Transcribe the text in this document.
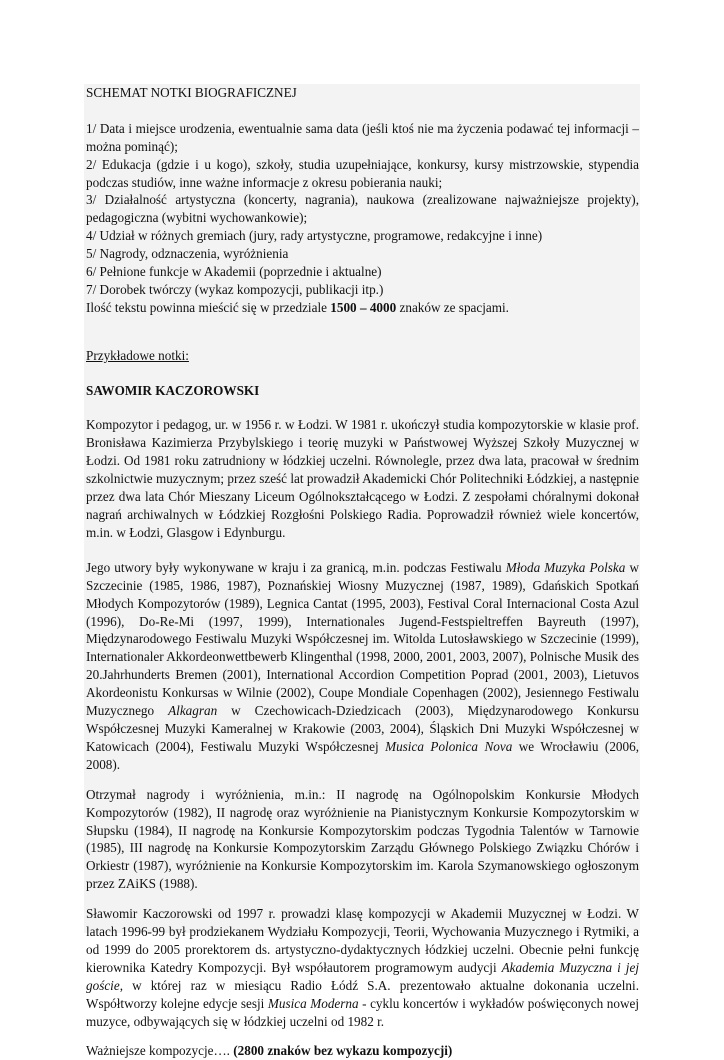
SCHEMAT NOTKI BIOGRAFICZNEJ

1/ Data i miejsce urodzenia, ewentualnie sama data (jeśli ktoś nie ma życzenia podawać tej informacji – można pominąć);

2/ Edukacja (gdzie i u kogo), szkoły, studia uzupełniające, konkursy, kursy mistrzowskie, stypendia podczas studiów, inne ważne informacje z okresu pobierania nauki;

3/ Działalność artystyczna (koncerty, nagrania), naukowa (zrealizowane najważniejsze projekty), pedagogiczna (wybitni wychowankowie);

4/ Udział w różnych gremiach (jury, rady artystyczne, programowe, redakcyjne i inne)

5/ Nagrody, odznaczenia, wyróżnienia

6/ Pełnione funkcje w Akademii (poprzednie i aktualne)

7/ Dorobek twórczy (wykaz kompozycji, publikacji itp.)

Ilość tekstu powinna mieścić się w przedziale 1500 – 4000 znaków ze spacjami.

Przykładowe notki:

SAWOMIR KACZOROWSKI

Kompozytor i pedagog, ur. w 1956 r. w Łodzi. W 1981 r. ukończył studia kompozytorskie w klasie prof. Bronisława Kazimierza Przybylskiego i teorię muzyki w Państwowej Wyższej Szkoły Muzycznej w Łodzi. Od 1981 roku zatrudniony w łódzkiej uczelni. Równolegle, przez dwa lata, pracował w średnim szkolnictwie muzycznym; przez sześć lat prowadził Akademicki Chór Politechniki Łódzkiej, a następnie przez dwa lata Chór Mieszany Liceum Ogólnokształcącego w Łodzi. Z zespołami chóralnymi dokonał nagrań archiwalnych w Łódzkiej Rozgłośni Polskiego Radia. Poprowadził również wiele koncertów, m.in. w Łodzi, Glasgow i Edynburgu.

Jego utwory były wykonywane w kraju i za granicą, m.in. podczas Festiwalu Młoda Muzyka Polska w Szczecinie (1985, 1986, 1987), Poznańskiej Wiosny Muzycznej (1987, 1989), Gdańskich Spotkań Młodych Kompozytorów (1989), Legnica Cantat (1995, 2003), Festival Coral Internacional Costa Azul (1996), Do-Re-Mi (1997, 1999), Internationales Jugend-Festspieltreffen Bayreuth (1997), Międzynarodowego Festiwalu Muzyki Współczesnej im. Witolda Lutosławskiego w Szczecinie (1999), Internationaler Akkordeonwettbewerb Klingenthal (1998, 2000, 2001, 2003, 2007), Polnische Musik des 20.Jahrhunderts Bremen (2001), International Accordion Competition Poprad (2001, 2003), Lietuvos Akordeonistu Konkursas w Wilnie (2002), Coupe Mondiale Copenhagen (2002), Jesiennego Festiwalu Muzycznego Alkagran w Czechowicach-Dziedzicach (2003), Międzynarodowego Konkursu Współczesnej Muzyki Kameralnej w Krakowie (2003, 2004), Śląskich Dni Muzyki Współczesnej w Katowicach (2004), Festiwalu Muzyki Współczesnej Musica Polonica Nova we Wrocławiu (2006, 2008).

Otrzymał nagrody i wyróżnienia, m.in.: II nagrodę na Ogólnopolskim Konkursie Młodych Kompozytorów (1982), II nagrodę oraz wyróżnienie na Pianistycznym Konkursie Kompozytorskim w Słupsku (1984), II nagrodę na Konkursie Kompozytorskim podczas Tygodnia Talentów w Tarnowie (1985), III nagrodę na Konkursie Kompozytorskim Zarządu Głównego Polskiego Związku Chórów i Orkiestr (1987), wyróżnienie na Konkursie Kompozytorskim im. Karola Szymanowskiego ogłoszonym przez ZAiKS (1988).

Sławomir Kaczorowski od 1997 r. prowadzi klasę kompozycji w Akademii Muzycznej w Łodzi. W latach 1996-99 był prodziekanem Wydziału Kompozycji, Teorii, Wychowania Muzycznego i Rytmiki, a od 1999 do 2005 prorektorem ds. artystyczno-dydaktycznych łódzkiej uczelni. Obecnie pełni funkcję kierownika Katedry Kompozycji. Był współautorem programowym audycji Akademia Muzyczna i jej goście, w której raz w miesiącu Radio Łódź S.A. prezentowało aktualne dokonania uczelni. Współtworzy kolejne edycje sesji Musica Moderna - cyklu koncertów i wykładów poświęconych nowej muzyce, odbywających się w łódzkiej uczelni od 1982 r.

Ważniejsze kompozycje…. (2800 znaków bez wykazu kompozycji)
